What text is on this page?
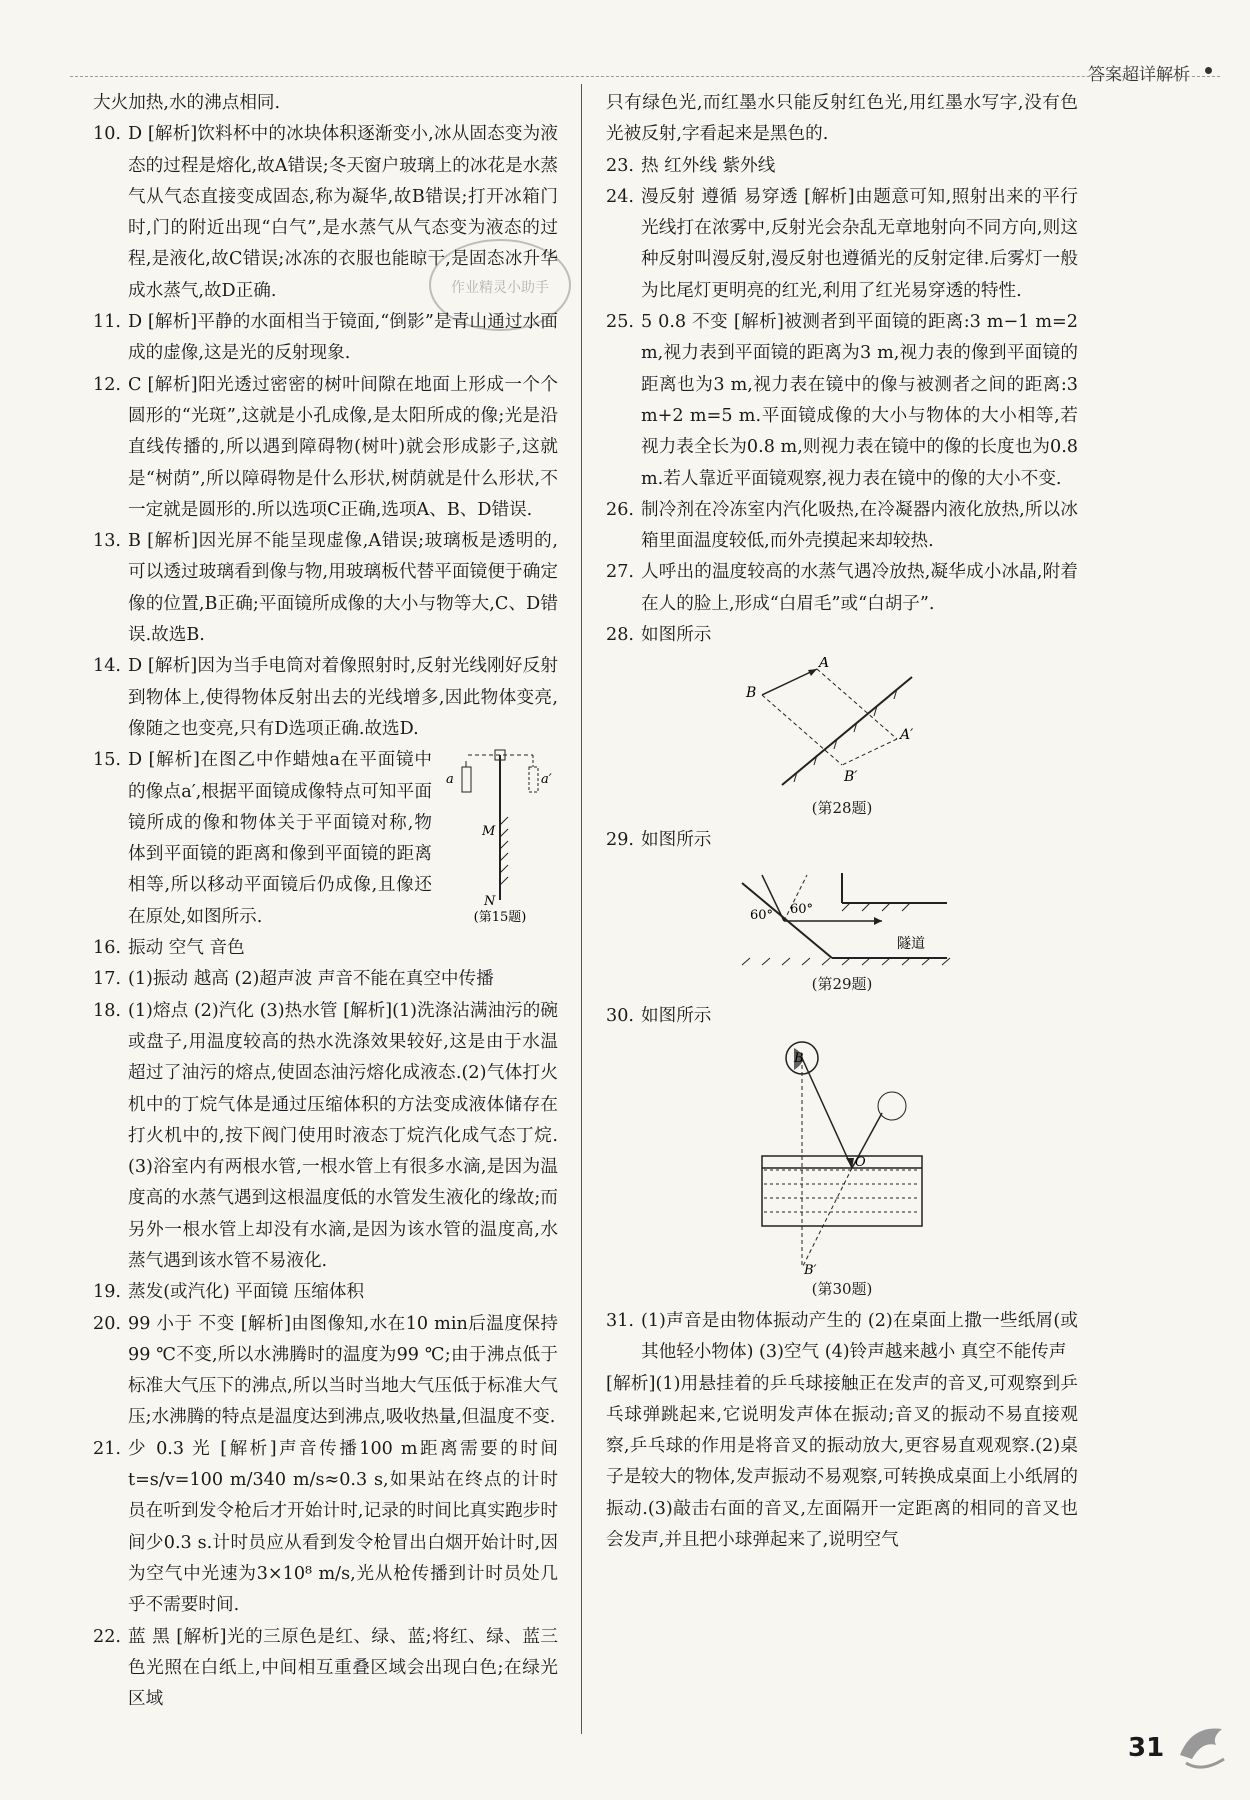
答案超详解析
作业精灵小助手

大火加热,水的沸点相同.

10. D [解析]饮料杯中的冰块体积逐渐变小,冰从固态变为液态的过程是熔化,故A错误;冬天窗户玻璃上的冰花是水蒸气从气态直接变成固态,称为凝华,故B错误;打开冰箱门时,门的附近出现“白气”,是水蒸气从气态变为液态的过程,是液化,故C错误;冰冻的衣服也能晾干,是固态冰升华成水蒸气,故D正确.
11. D [解析]平静的水面相当于镜面,“倒影”是青山通过水面成的虚像,这是光的反射现象.
12. C [解析]阳光透过密密的树叶间隙在地面上形成一个个圆形的“光斑”,这就是小孔成像,是太阳所成的像;光是沿直线传播的,所以遇到障碍物(树叶)就会形成影子,这就是“树荫”,所以障碍物是什么形状,树荫就是什么形状,不一定就是圆形的.所以选项C正确,选项A、B、D错误.
13. B [解析]因光屏不能呈现虚像,A错误;玻璃板是透明的,可以透过玻璃看到像与物,用玻璃板代替平面镜便于确定像的位置,B正确;平面镜所成像的大小与物等大,C、D错误.故选B.
14. D [解析]因为当手电筒对着像照射时,反射光线刚好反射到物体上,使得物体反射出去的光线增多,因此物体变亮,像随之也变亮,只有D选项正确.故选D.
15.
a	a′
M
N
(第15题)
D [解析]在图乙中作蜡烛a在平面镜中的像点a′,根据平面镜成像特点可知平面镜所成的像和物体关于平面镜对称,物体到平面镜的距离和像到平面镜的距离相等,所以移动平面镜后仍成像,且像还在原处,如图所示.
16. 振动 空气 音色
17. (1)振动 越高 (2)超声波 声音不能在真空中传播
18. (1)熔点 (2)汽化 (3)热水管 [解析](1)洗涤沾满油污的碗或盘子,用温度较高的热水洗涤效果较好,这是由于水温超过了油污的熔点,使固态油污熔化成液态.(2)气体打火机中的丁烷气体是通过压缩体积的方法变成液体储存在打火机中的,按下阀门使用时液态丁烷汽化成气态丁烷.(3)浴室内有两根水管,一根水管上有很多水滴,是因为温度高的水蒸气遇到这根温度低的水管发生液化的缘故;而另外一根水管上却没有水滴,是因为该水管的温度高,水蒸气遇到该水管不易液化.
19. 蒸发(或汽化) 平面镜 压缩体积
20. 99 小于 不变 [解析]由图像知,水在10 min后温度保持99 ℃不变,所以水沸腾时的温度为99 ℃;由于沸点低于标准大气压下的沸点,所以当时当地大气压低于标准大气压;水沸腾的特点是温度达到沸点,吸收热量,但温度不变.
21. 少 0.3 光 [解析]声音传播100 m距离需要的时间t=s/v=100 m/340 m/s≈0.3 s,如果站在终点的计时员在听到发令枪后才开始计时,记录的时间比真实跑步时间少0.3 s.计时员应从看到发令枪冒出白烟开始计时,因为空气中光速为3×10⁸ m/s,光从枪传播到计时员处几乎不需要时间.
22. 蓝 黑 [解析]光的三原色是红、绿、蓝;将红、绿、蓝三色光照在白纸上,中间相互重叠区域会出现白色;在绿光区域

只有绿色光,而红墨水只能反射红色光,用红墨水写字,没有色光被反射,字看起来是黑色的.

23. 热 红外线 紫外线
24. 漫反射 遵循 易穿透 [解析]由题意可知,照射出来的平行光线打在浓雾中,反射光会杂乱无章地射向不同方向,则这种反射叫漫反射,漫反射也遵循光的反射定律.后雾灯一般为比尾灯更明亮的红光,利用了红光易穿透的特性.
25. 5 0.8 不变 [解析]被测者到平面镜的距离:3 m−1 m=2 m,视力表到平面镜的距离为3 m,视力表的像到平面镜的距离也为3 m,视力表在镜中的像与被测者之间的距离:3 m+2 m=5 m.平面镜成像的大小与物体的大小相等,若视力表全长为0.8 m,则视力表在镜中的像的长度也为0.8 m.若人靠近平面镜观察,视力表在镜中的像的大小不变.
26. 制冷剂在冷冻室内汽化吸热,在冷凝器内液化放热,所以冰箱里面温度较低,而外壳摸起来却较热.
27. 人呼出的温度较高的水蒸气遇冷放热,凝华成小冰晶,附着在人的脸上,形成“白眉毛”或“白胡子”.
28. 如图所示
A
B
A′
B′
(第28题)
29. 如图所示
60° 60°
隧道
(第29题)
30. 如图所示
B
B′
O
(第30题)
31. (1)声音是由物体振动产生的 (2)在桌面上撒一些纸屑(或其他轻小物体) (3)空气 (4)铃声越来越小 真空不能传声

[解析](1)用悬挂着的乒乓球接触正在发声的音叉,可观察到乒乓球弹跳起来,它说明发声体在振动;音叉的振动不易直接观察,乒乓球的作用是将音叉的振动放大,更容易直观观察.(2)桌子是较大的物体,发声振动不易观察,可转换成桌面上小纸屑的振动.(3)敲击右面的音叉,左面隔开一定距离的相同的音叉也会发声,并且把小球弹起来了,说明空气

31
